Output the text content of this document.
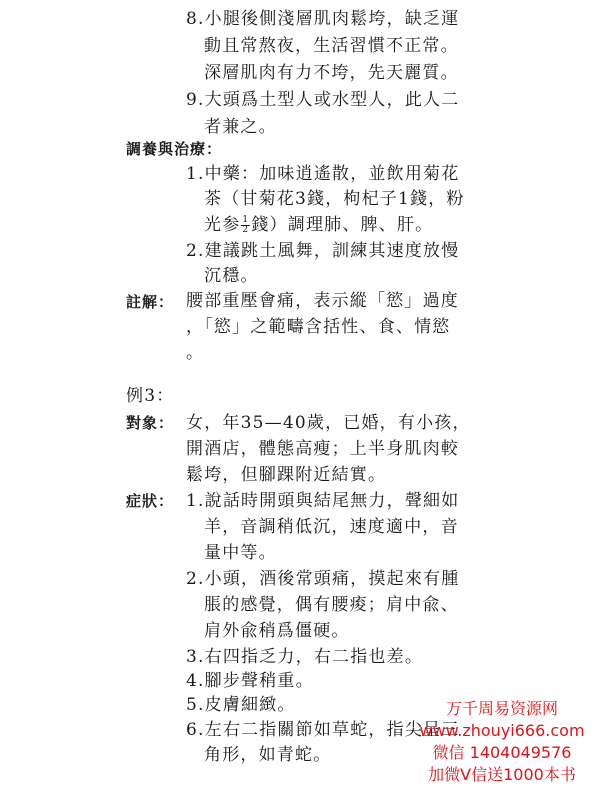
8.小腿後側淺層肌肉鬆垮，缺乏運
動且常熬夜，生活習慣不正常。
深層肌肉有力不垮，先天麗質。
9.大頭爲土型人或水型人，此人二
者兼之。
調養與治療：
1.中藥：加味逍遙散，並飲用菊花
茶（甘菊花3錢，枸杞子1錢，粉
光参 $\frac{1}{2}$ 錢）調理肺、脾、肝。
2.建議跳土風舞，訓練其速度放慢
沉穩。
註解： 腰部重壓會痛，表示縱「慾」過度
，「慾」之範疇含括性、食、情慾
。
例3：
對象： 女，年35—40歲，已婚，有小孩，
開酒店，體態高瘦；上半身肌肉較
鬆垮，但腳踝附近結實。
症狀： 1.說話時開頭與結尾無力，聲細如
羊，音調稍低沉，速度適中，音
量中等。
2.小頭，酒後常頭痛，摸起來有腫
脹的感覺，偶有腰痠；肩中兪、
肩外兪稍爲僵硬。
3.右四指乏力，右二指也差。
4.腳步聲稍重。
5.皮膚細緻。
6.左右二指關節如草蛇，指尖呈三
角形，如青蛇。
万千周易资源网
www.zhouyi666.com
微信 1404049576
加微V信送1000本书
